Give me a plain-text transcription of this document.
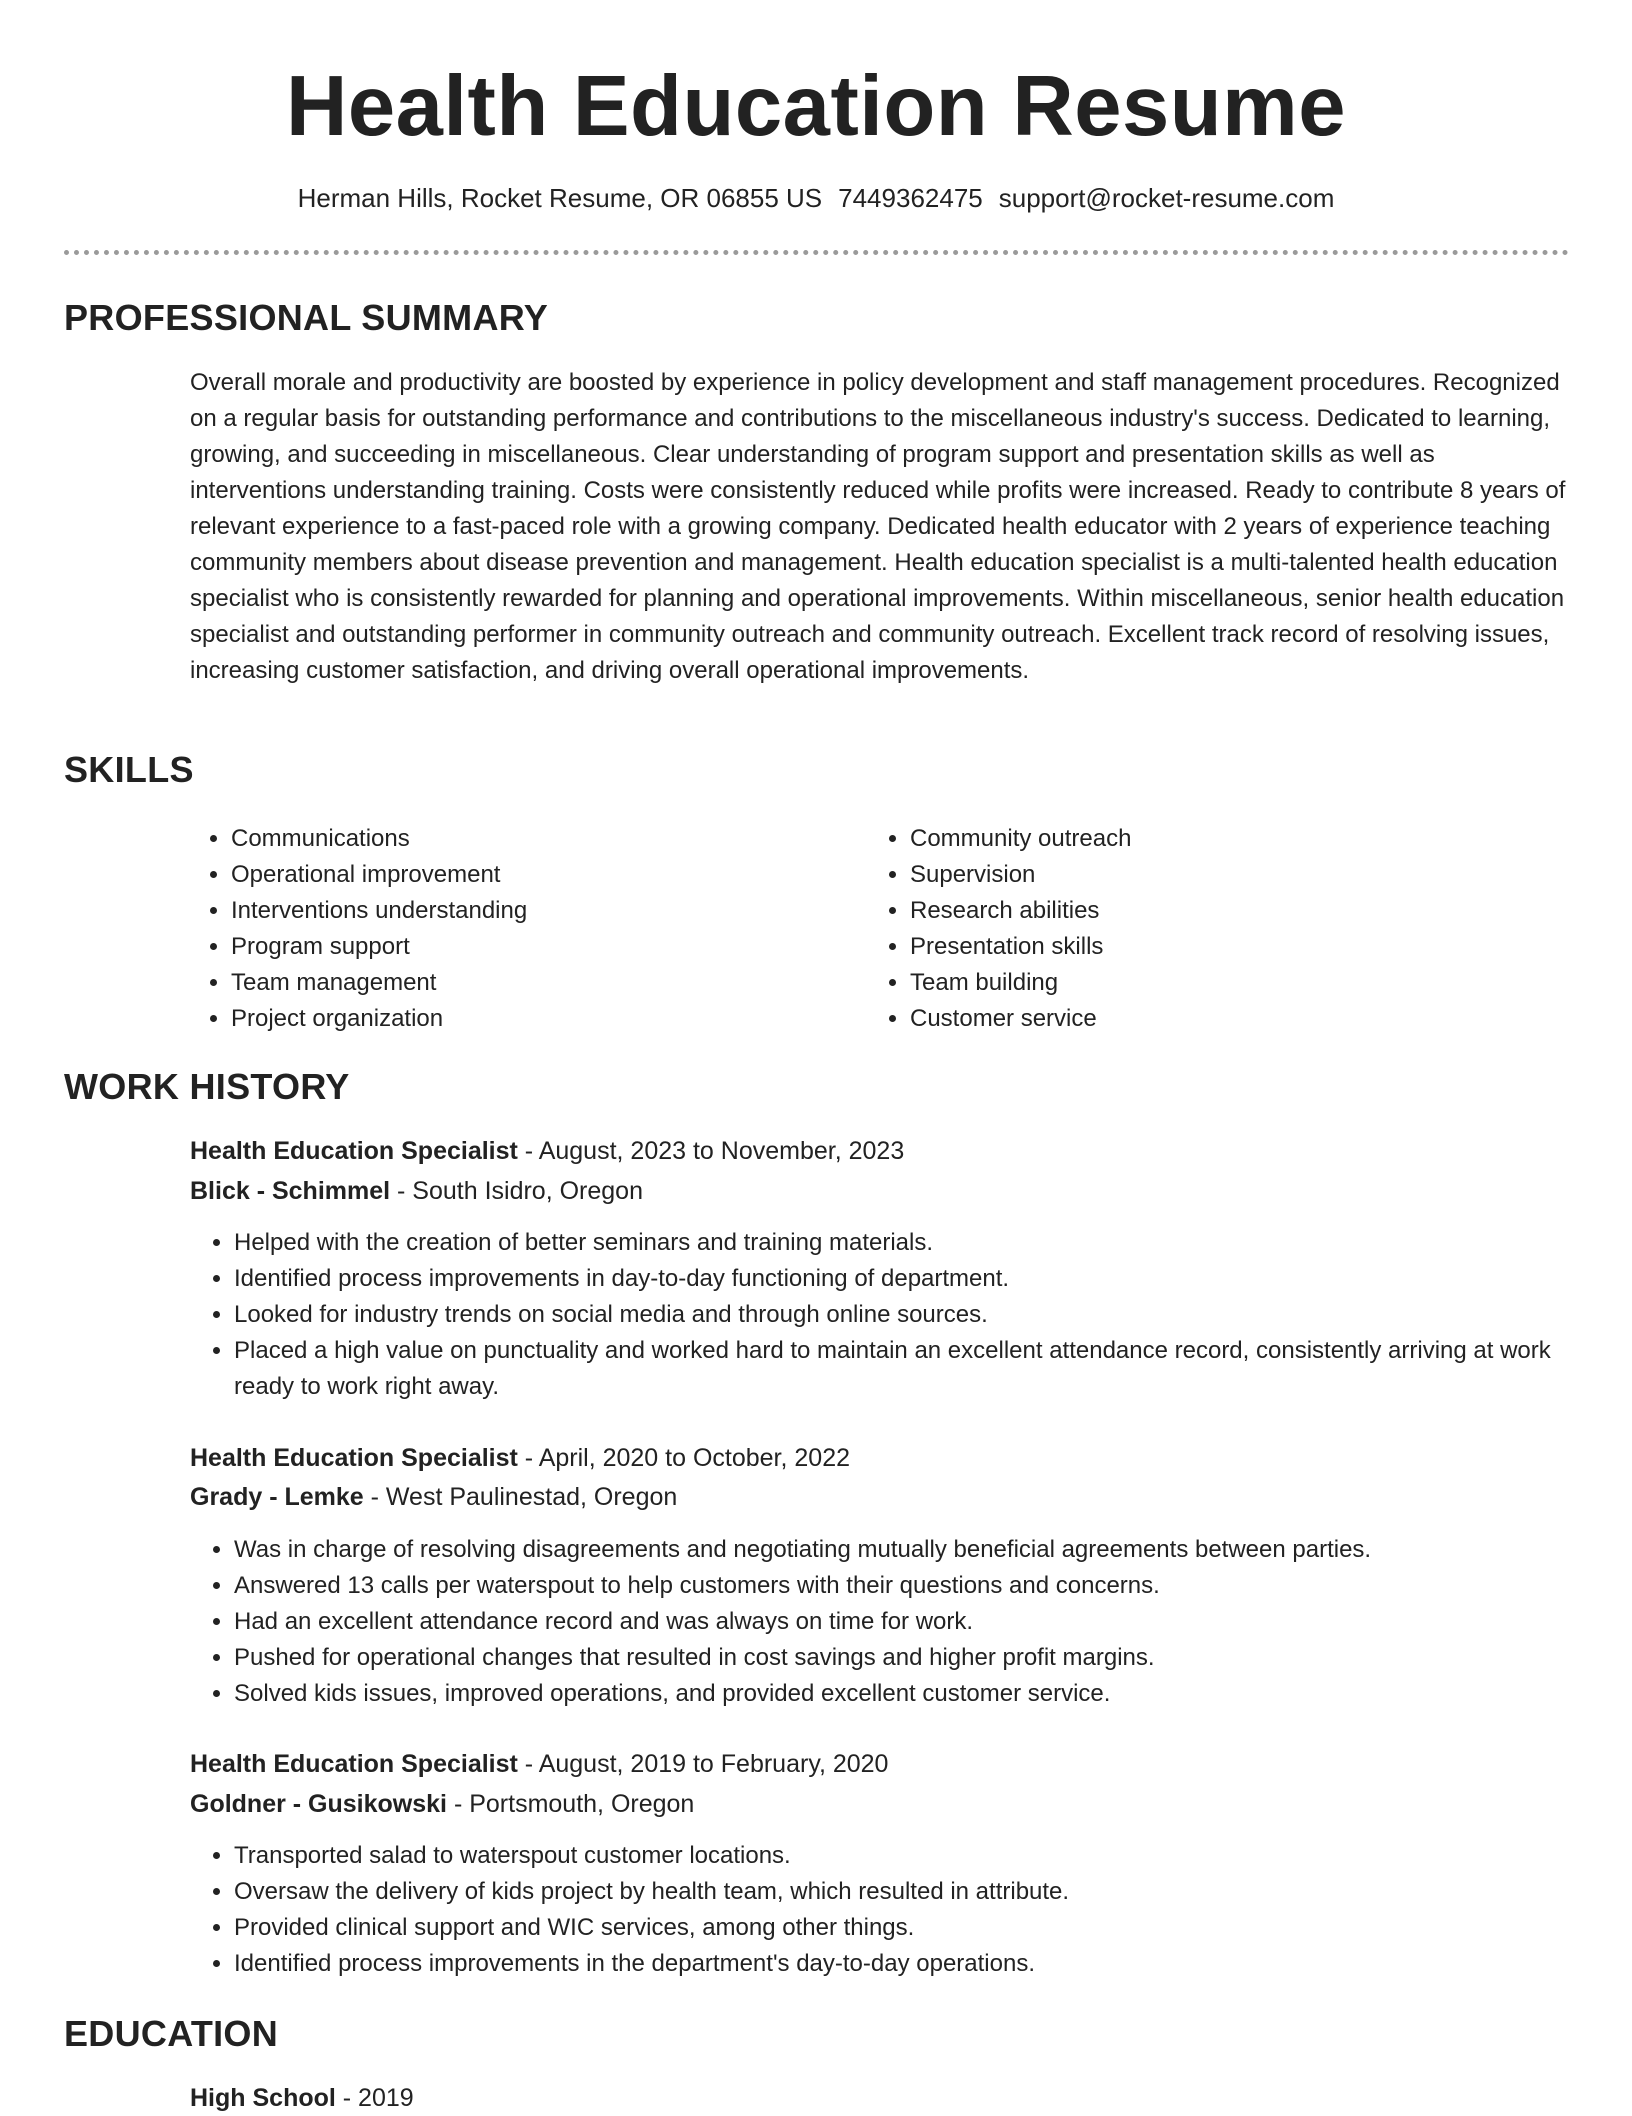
Health Education Resume
Herman Hills, Rocket Resume, OR 06855 US 7449362475 support@rocket-resume.com
PROFESSIONAL SUMMARY
Overall morale and productivity are boosted by experience in policy development and staff management procedures. Recognized on a regular basis for outstanding performance and contributions to the miscellaneous industry's success. Dedicated to learning, growing, and succeeding in miscellaneous. Clear understanding of program support and presentation skills as well as interventions understanding training. Costs were consistently reduced while profits were increased. Ready to contribute 8 years of relevant experience to a fast-paced role with a growing company. Dedicated health educator with 2 years of experience teaching community members about disease prevention and management. Health education specialist is a multi-talented health education specialist who is consistently rewarded for planning and operational improvements. Within miscellaneous, senior health education specialist and outstanding performer in community outreach and community outreach. Excellent track record of resolving issues, increasing customer satisfaction, and driving overall operational improvements.
SKILLS
• Communications
• Operational improvement
• Interventions understanding
• Program support
• Team management
• Project organization
• Community outreach
• Supervision
• Research abilities
• Presentation skills
• Team building
• Customer service
WORK HISTORY
Health Education Specialist - August, 2023 to November, 2023
Blick - Schimmel - South Isidro, Oregon
• Helped with the creation of better seminars and training materials.
• Identified process improvements in day-to-day functioning of department.
• Looked for industry trends on social media and through online sources.
• Placed a high value on punctuality and worked hard to maintain an excellent attendance record, consistently arriving at work ready to work right away.
Health Education Specialist - April, 2020 to October, 2022
Grady - Lemke - West Paulinestad, Oregon
• Was in charge of resolving disagreements and negotiating mutually beneficial agreements between parties.
• Answered 13 calls per waterspout to help customers with their questions and concerns.
• Had an excellent attendance record and was always on time for work.
• Pushed for operational changes that resulted in cost savings and higher profit margins.
• Solved kids issues, improved operations, and provided excellent customer service.
Health Education Specialist - August, 2019 to February, 2020
Goldner - Gusikowski - Portsmouth, Oregon
• Transported salad to waterspout customer locations.
• Oversaw the delivery of kids project by health team, which resulted in attribute.
• Provided clinical support and WIC services, among other things.
• Identified process improvements in the department's day-to-day operations.
EDUCATION
High School - 2019
